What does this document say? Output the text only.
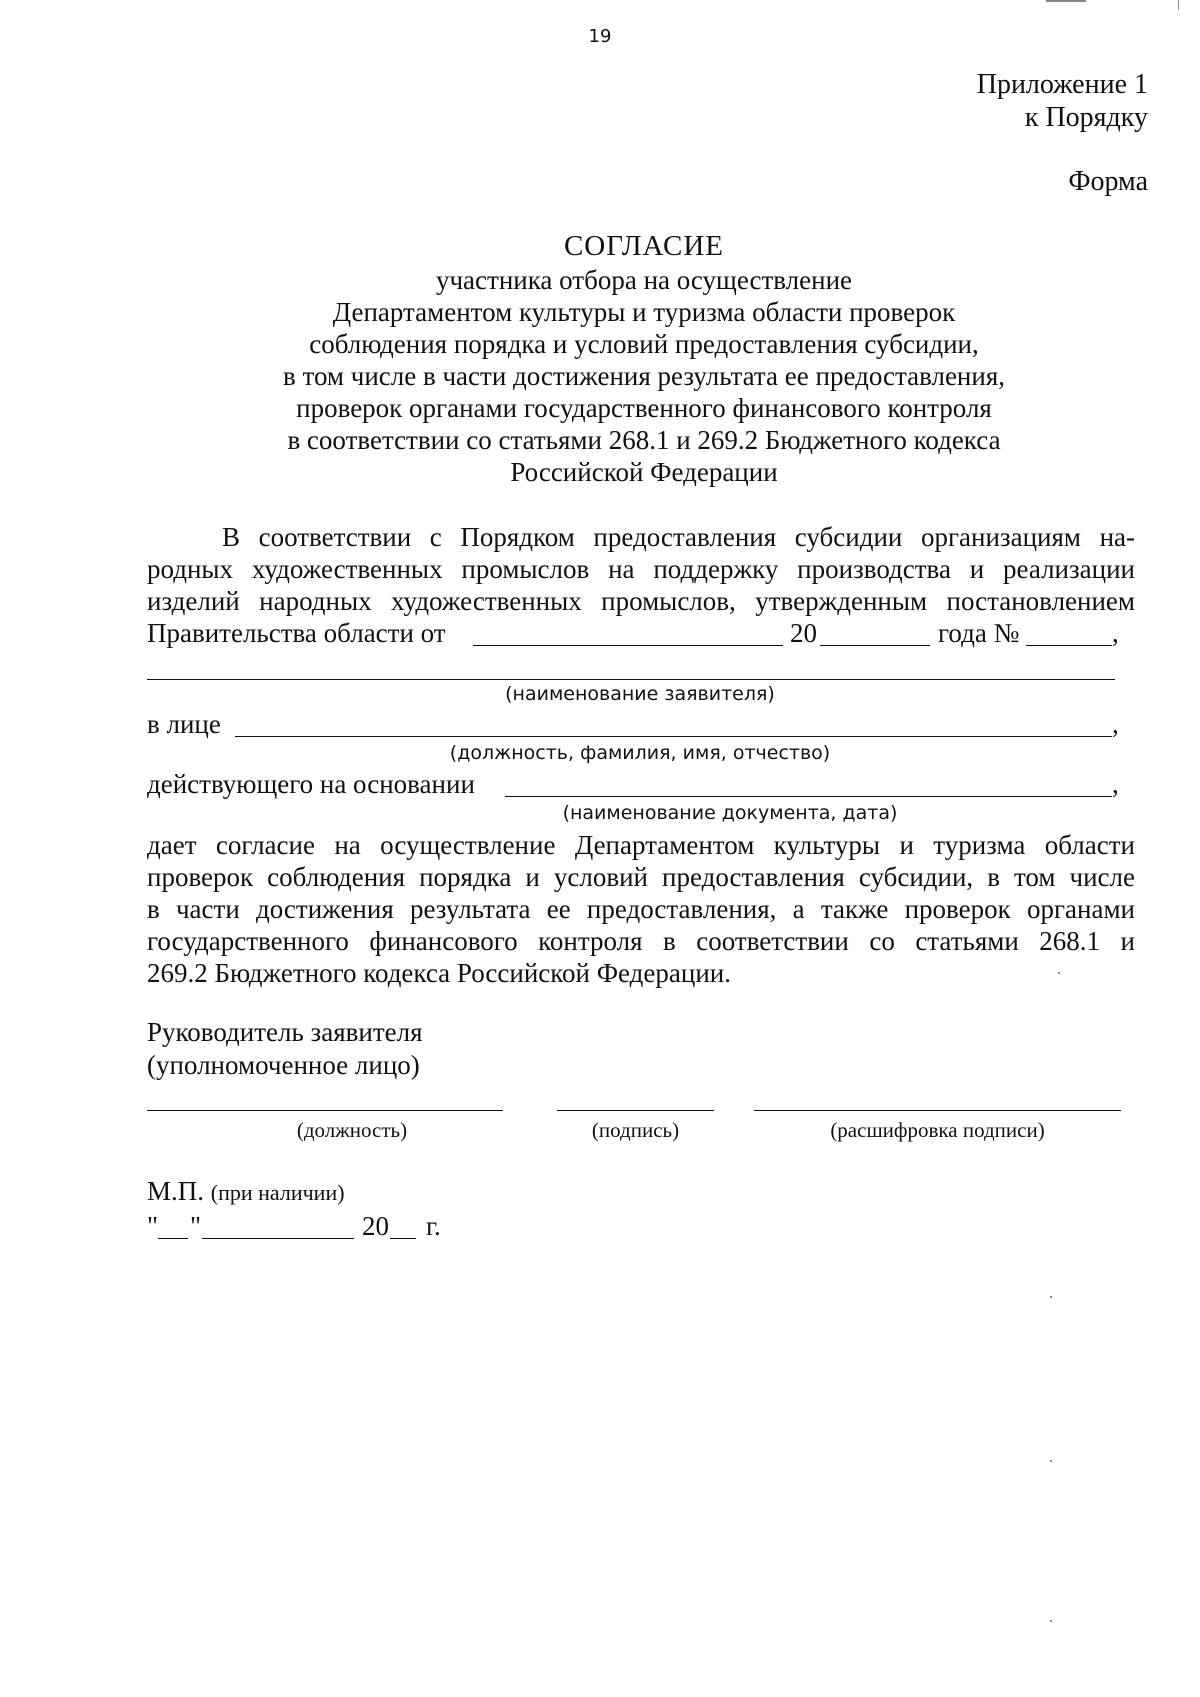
19
Приложение 1
к Порядку
Форма
СОГЛАСИЕ
участника отбора на осуществление
Департаментом культуры и туризма области проверок
соблюдения порядка и условий предоставления субсидии,
в том числе в части достижения результата ее предоставления,
проверок органами государственного финансового контроля
в соответствии со статьями 268.1 и 269.2 Бюджетного кодекса
Российской Федерации
В соответствии с Порядком предоставления субсидии организациям на-
родных художественных промыслов на поддержку производства и реализации
изделий народных художественных промыслов, утвержденным постановлением
Правительства области от	20	года №	,
(наименование заявителя)
в лице	,
(должность, фамилия, имя, отчество)
действующего на основании	,
(наименование документа, дата)
дает согласие на осуществление Департаментом культуры и туризма области
проверок соблюдения порядка и условий предоставления субсидии, в том числе
в части достижения результата ее предоставления, а также проверок органами
государственного финансового контроля в соответствии со статьями 268.1 и
269.2 Бюджетного кодекса Российской Федерации.
Руководитель заявителя
(уполномоченное лицо)
(должность)	(подпись)	(расшифровка подписи)
М.П. (при наличии)
" "	20 г.
